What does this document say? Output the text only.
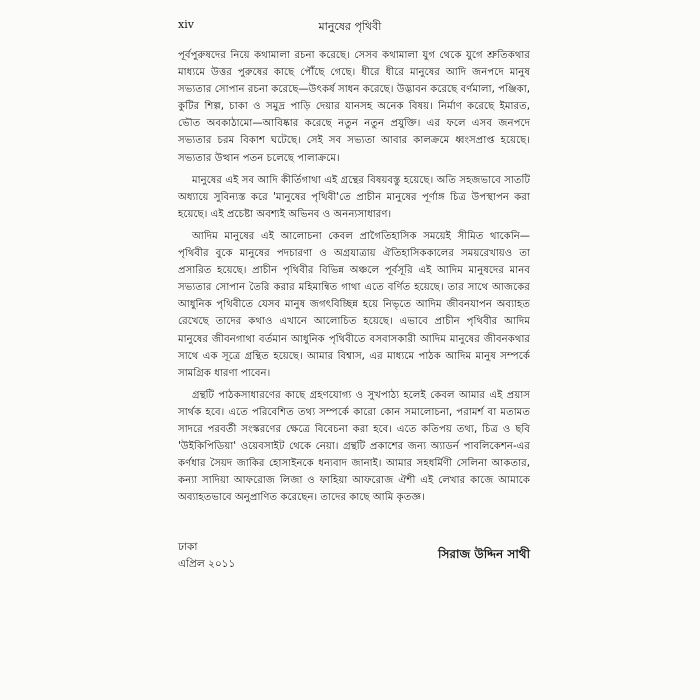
xiv	মানুষের পৃথিবী

পূর্বপুরুষদের নিয়ে কথামালা রচনা করেছে। সেসব কথামালা যুগ থেকে যুগে শ্রুতিকথার মাধ্যমে উত্তর পুরুষের কাছে পৌঁছে গেছে। ধীরে ধীরে মানুষের আদি জনপদে মানুষ সভ্যতার সোপান রচনা করেছে—উৎকর্ষ সাধন করেছে। উদ্ভাবন করেছে বর্ণমালা, পঞ্জিকা, কুটির শিল্প, চাকা ও সমুদ্র পাড়ি দেয়ার যানসহ অনেক বিষয়। নির্মাণ করেছে ইমারত, ভৌত অবকাঠামো—আবিষ্কার করেছে নতুন নতুন প্রযুক্তি। এর ফলে এসব জনপদে সভ্যতার চরম বিকাশ ঘটেছে। সেই সব সভ্যতা আবার কালক্রমে ধ্বংসপ্রাপ্ত হয়েছে। সভ্যতার উত্থান পতন চলেছে পালাক্রমে।

মানুষের এই সব আদি কীর্তিগাথা এই গ্রন্থের বিষয়বস্তু হয়েছে। অতি সহজভাবে সাতটি অধ্যায়ে সুবিন্যস্ত করে 'মানুষের পৃথিবী'তে প্রাচীন মানুষের পূর্ণাঙ্গ চিত্র উপস্থাপন করা হয়েছে। এই প্রচেষ্টা অবশ্যই অভিনব ও অনন্যসাধারণ।

আদিম মানুষের এই আলোচনা কেবল প্রাগৈতিহাসিক সময়েই সীমিত থাকেনি—পৃথিবীর বুকে মানুষের পদচারণা ও অগ্রযাত্রায় ঐতিহাসিককালের সময়রেখায়ও তা প্রসারিত হয়েছে। প্রাচীন পৃথিবীর বিভিন্ন অঞ্চলে পূর্বসূরি এই আদিম মানুষদের মানব সভ্যতার সোপান তৈরি করার মহিমান্বিত গাথা এতে বর্ণিত হয়েছে। তার সাথে আজকের আধুনিক পৃথিবীতে যেসব মানুষ জগৎবিচ্ছিন্ন হয়ে নিভৃতে আদিম জীবনযাপন অব্যাহত রেখেছে তাদের কথাও এখানে আলোচিত হয়েছে। এভাবে প্রাচীন পৃথিবীর আদিম মানুষের জীবনগাথা বর্তমান আধুনিক পৃথিবীতে বসবাসকারী আদিম মানুষের জীবনকথার সাথে এক সূত্রে গ্রন্থিত হয়েছে। আমার বিশ্বাস, এর মাধ্যমে পাঠক আদিম মানুষ সম্পর্কে সামগ্রিক ধারণা পাবেন।

গ্রন্থটি পাঠকসাধারণের কাছে গ্রহণযোগ্য ও সুখপাঠ্য হলেই কেবল আমার এই প্রয়াস সার্থক হবে। এতে পরিবেশিত তথ্য সম্পর্কে কারো কোন সমালোচনা, পরামর্শ বা মতামত সাদরে পরবর্তী সংস্করণের ক্ষেত্রে বিবেচনা করা হবে। এতে কতিপয় তথ্য, চিত্র ও ছবি 'উইকিপিডিয়া' ওয়েবসাইট থেকে নেয়া। গ্রন্থটি প্রকাশের জন্য অ্যাডর্ন পাবলিকেশন-এর কর্ণধার সৈয়দ জাকির হোসাইনকে ধন্যবাদ জানাই। আমার সহধর্মিণী সেলিনা আকতার, কন্যা সাদিয়া আফরোজ লিজা ও ফাহিয়া আফরোজ ঐশী এই লেখার কাজে আমাকে অব্যাহতভাবে অনুপ্রাণিত করেছেন। তাদের কাছে আমি কৃতজ্ঞ।

ঢাকা
এপ্রিল ২০১১
সিরাজ উদ্দিন সাথী
